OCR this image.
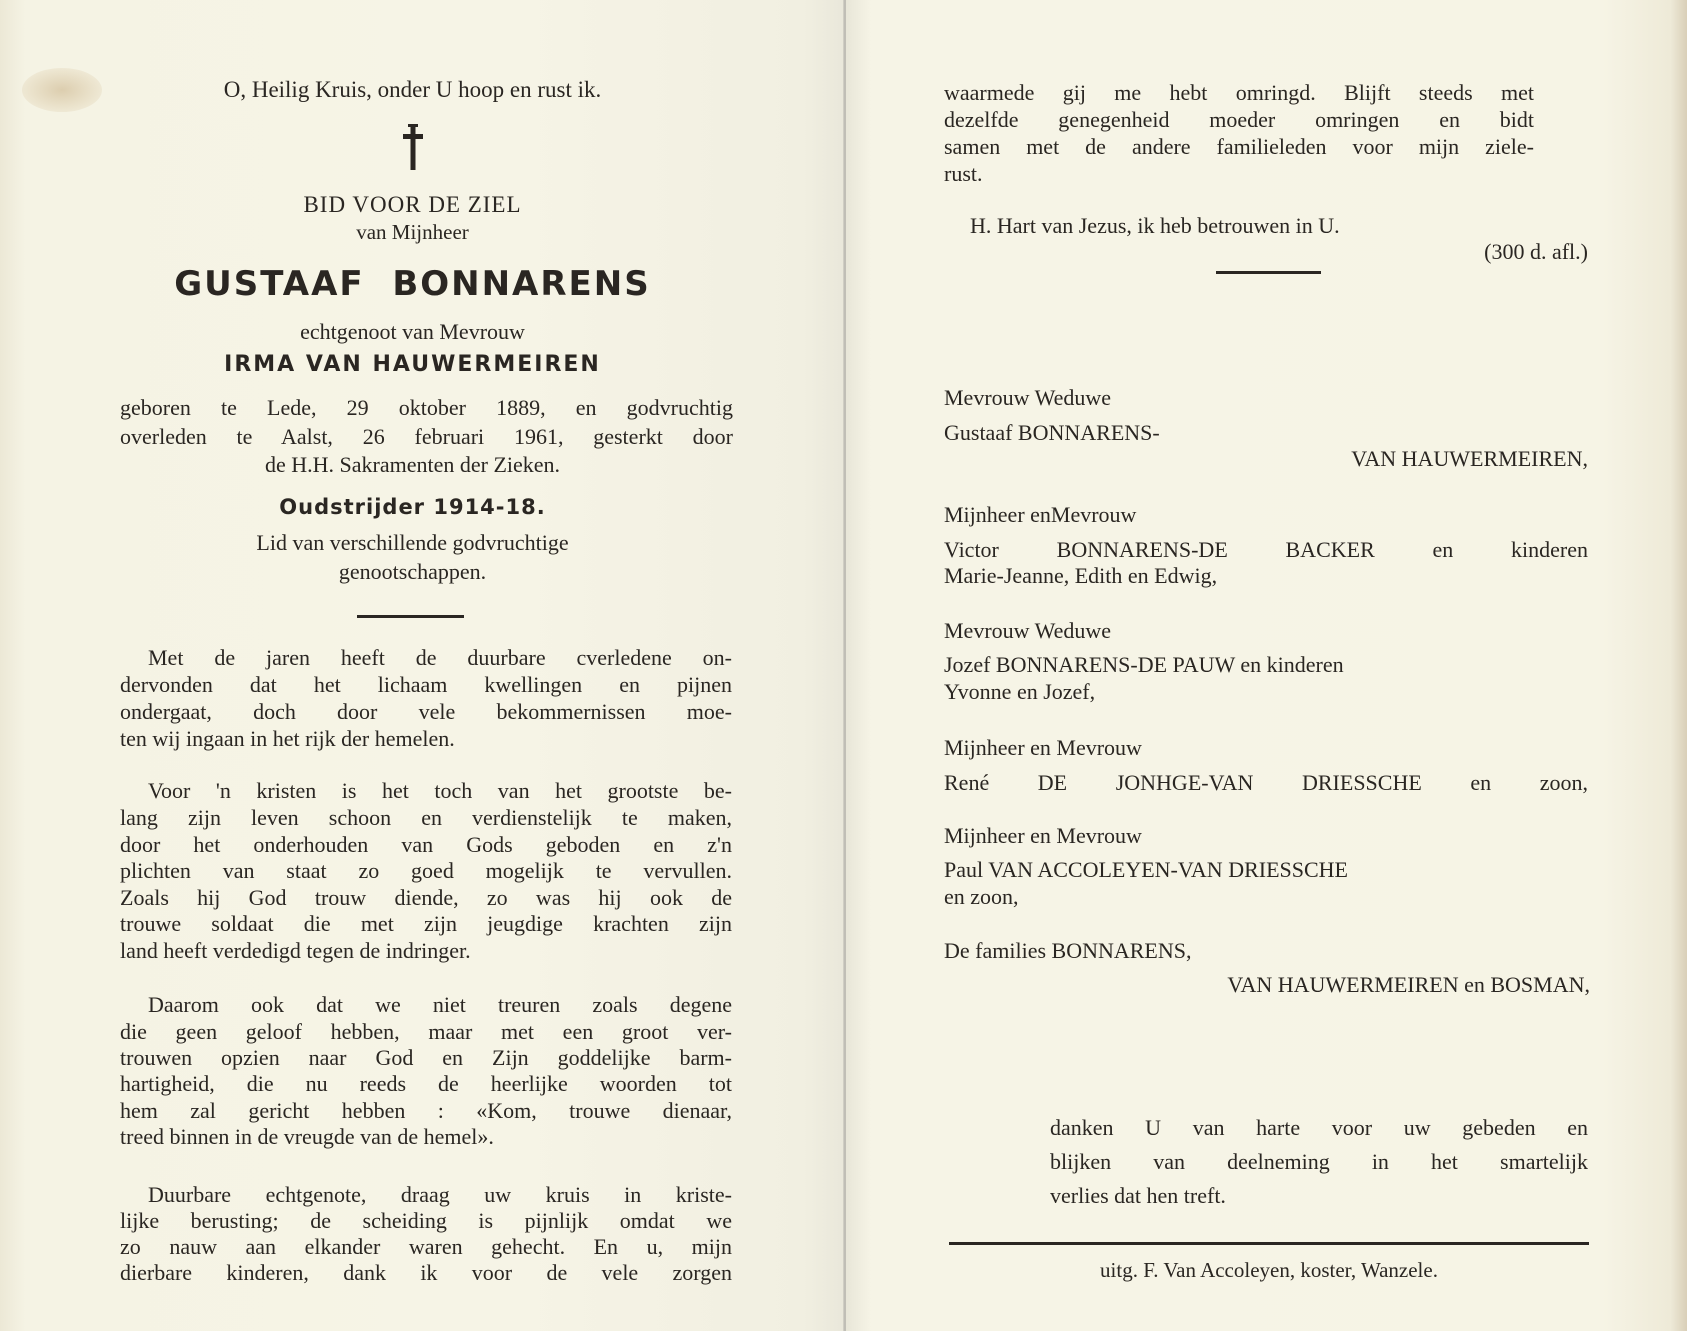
O, Heilig Kruis, onder U hoop en rust ik.
BID VOOR DE ZIEL
van Mijnheer
GUSTAAF  BONNARENS
echtgenoot van Mevrouw
IRMA VAN HAUWERMEIREN
geboren te Lede, 29 oktober 1889, en godvruchtig
overleden te Aalst, 26 februari 1961, gesterkt door
de H.H. Sakramenten der Zieken.
Oudstrijder 1914-18.
Lid van verschillende godvruchtige
genootschappen.
Met de jaren heeft de duurbare cverledene on-
dervonden dat het lichaam kwellingen en pijnen
ondergaat, doch door vele bekommernissen moe-
ten wij ingaan in het rijk der hemelen.
Voor 'n kristen is het toch van het grootste be-
lang zijn leven schoon en verdienstelijk te maken,
door het onderhouden van Gods geboden en z'n
plichten van staat zo goed mogelijk te vervullen.
Zoals hij God trouw diende, zo was hij ook de
trouwe soldaat die met zijn jeugdige krachten zijn
land heeft verdedigd tegen de indringer.
Daarom ook dat we niet treuren zoals degene
die geen geloof hebben, maar met een groot ver-
trouwen opzien naar God en Zijn goddelijke barm-
hartigheid, die nu reeds de heerlijke woorden tot
hem zal gericht hebben : «Kom, trouwe dienaar,
treed binnen in de vreugde van de hemel».
Duurbare echtgenote, draag uw kruis in kriste-
lijke berusting; de scheiding is pijnlijk omdat we
zo nauw aan elkander waren gehecht. En u, mijn
dierbare kinderen, dank ik voor de vele zorgen
waarmede gij me hebt omringd. Blijft steeds met
dezelfde genegenheid moeder omringen en bidt
samen met de andere familieleden voor mijn ziele-
rust.
H. Hart van Jezus, ik heb betrouwen in U.
(300 d. afl.)
Mevrouw Weduwe
Gustaaf BONNARENS-
VAN HAUWERMEIREN,
Mijnheer enMevrouw
Victor BONNARENS-DE BACKER en kinderen
Marie-Jeanne, Edith en Edwig,
Mevrouw Weduwe
Jozef BONNARENS-DE PAUW en kinderen
Yvonne en Jozef,
Mijnheer en Mevrouw
René DE JONHGE-VAN DRIESSCHE en zoon,
Mijnheer en Mevrouw
Paul VAN ACCOLEYEN-VAN DRIESSCHE
en zoon,
De families BONNARENS,
VAN HAUWERMEIREN en BOSMAN,
danken U van harte voor uw gebeden en
blijken van deelneming in het smartelijk
verlies dat hen treft.
uitg. F. Van Accoleyen, koster, Wanzele.
